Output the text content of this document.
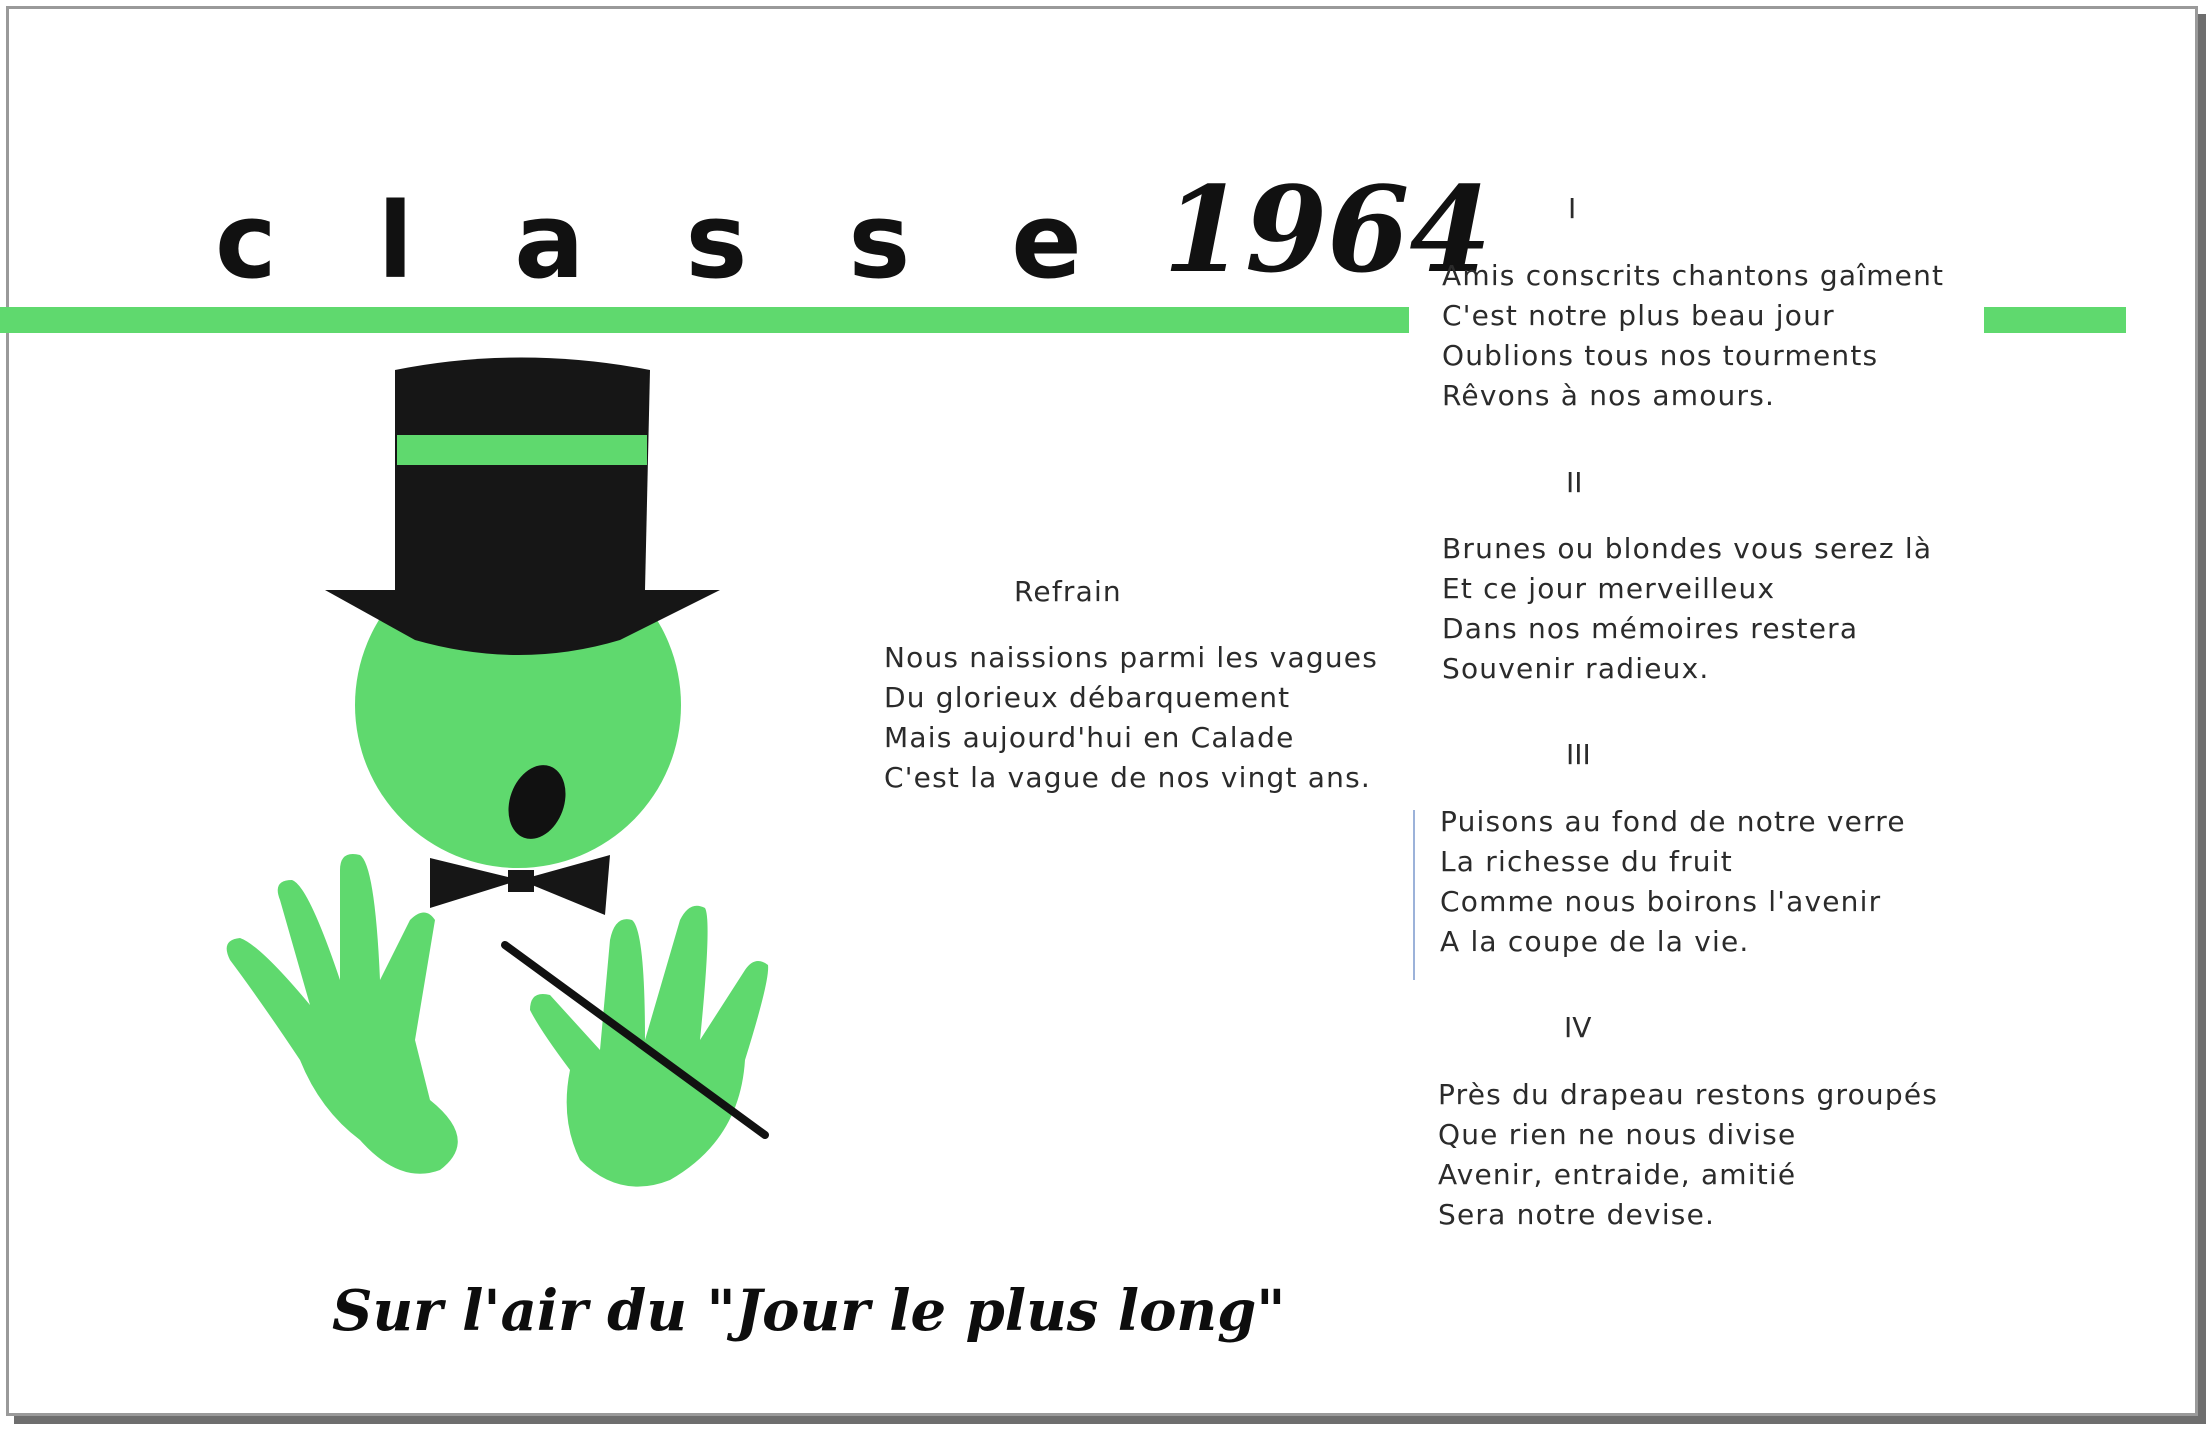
classe
1964
Refrain
Nous naissions parmi les vagues
Du glorieux débarquement
Mais aujourd'hui en Calade
C'est la vague de nos vingt ans.
I
Amis conscrits chantons gaîment
C'est notre plus beau jour
Oublions tous nos tourments
Rêvons à nos amours.
II
Brunes ou blondes vous serez là
Et ce jour merveilleux
Dans nos mémoires restera
Souvenir radieux.
III
Puisons au fond de notre verre
La richesse du fruit
Comme nous boirons l'avenir
A la coupe de la vie.
IV
Près du drapeau restons groupés
Que rien ne nous divise
Avenir, entraide, amitié
Sera notre devise.
Sur l'air du "Jour le plus long"
